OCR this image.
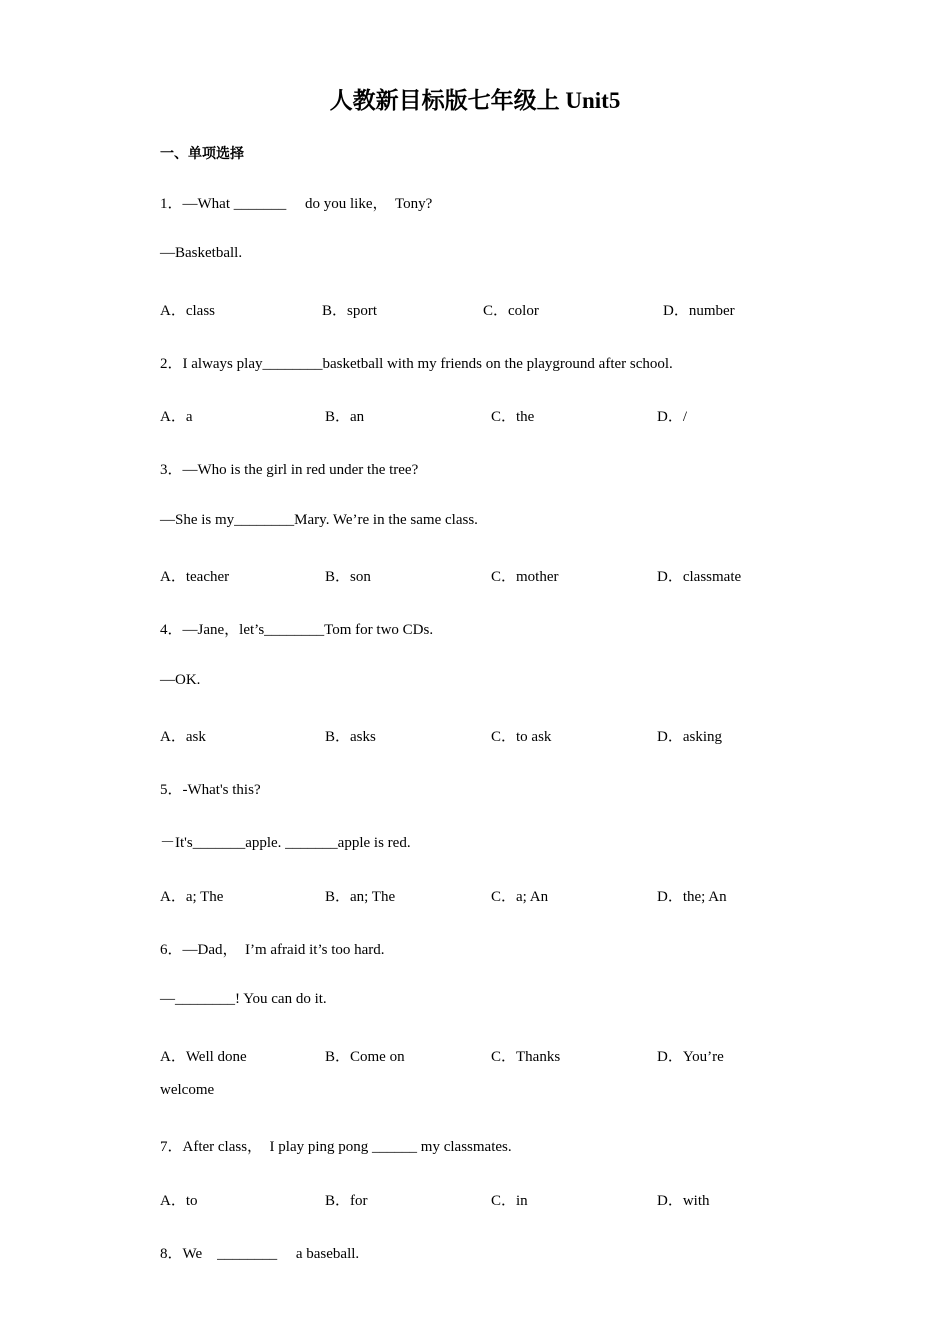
人教新目标版七年级上 Unit5
一、单项选择
1．—What _______　 do you like，　Tony?
—Basketball.
A．class	B．sport	C．color	D．number
2．I always play________basketball with my friends on the playground after school.
A．a	B．an	C．the	D．/
3．—Who is the girl in red under the tree?
—She is my________Mary. We’re in the same class.
A．teacher	B．son	C．mother	D．classmate
4．—Jane，let’s________Tom for two CDs.
—OK.
A．ask	B．asks	C．to ask	D．asking
5．-What's this?
－It's_______apple. _______apple is red.
A．a; The	B．an; The	C．a; An	D．the; An
6．—Dad，　I’m afraid it’s too hard.
—________! You can do it.
A．Well done	B．Come on	C．Thanks	D．You’re
welcome
7．After class，　I play ping pong ______ my classmates.
A．to	B．for	C．in	D．with
8．We　________　 a baseball.
